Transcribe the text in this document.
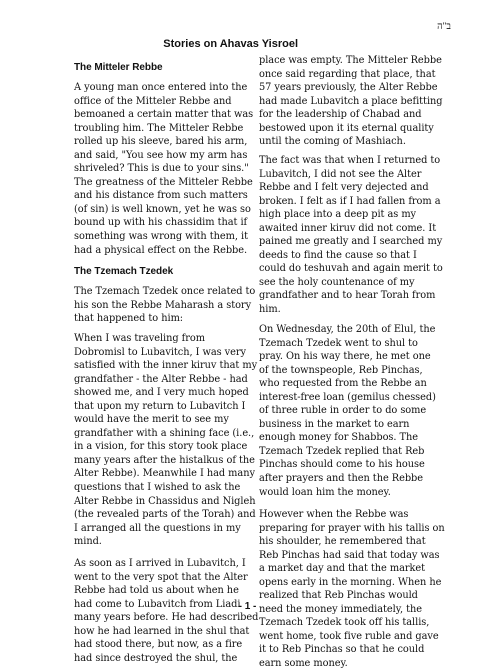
ב"ה
Stories on Ahavas Yisroel
The Mitteler Rebbe
A young man once entered into the
office of the Mitteler Rebbe and
bemoaned a certain matter that was
troubling him. The Mitteler Rebbe
rolled up his sleeve, bared his arm,
and said, "You see how my arm has
shriveled? This is due to your sins."
The greatness of the Mitteler Rebbe
and his distance from such matters
(of sin) is well known, yet he was so
bound up with his chassidim that if
something was wrong with them, it
had a physical effect on the Rebbe.
The Tzemach Tzedek
The Tzemach Tzedek once related to
his son the Rebbe Maharash a story
that happened to him:
When I was traveling from
Dobromisl to Lubavitch, I was very
satisfied with the inner kiruv that my
grandfather - the Alter Rebbe - had
showed me, and I very much hoped
that upon my return to Lubavitch I
would have the merit to see my
grandfather with a shining face (i.e.,
in a vision, for this story took place
many years after the histalkus of the
Alter Rebbe). Meanwhile I had many
questions that I wished to ask the
Alter Rebbe in Chassidus and Nigleh
(the revealed parts of the Torah) and
I arranged all the questions in my
mind.
As soon as I arrived in Lubavitch, I
went to the very spot that the Alter
Rebbe had told us about when he
had come to Lubavitch from Liadi
many years before. He had described
how he had learned in the shul that
had stood there, but now, as a fire
had since destroyed the shul, the
place was empty. The Mitteler Rebbe
once said regarding that place, that
57 years previously, the Alter Rebbe
had made Lubavitch a place befitting
for the leadership of Chabad and
bestowed upon it its eternal quality
until the coming of Mashiach.
The fact was that when I returned to
Lubavitch, I did not see the Alter
Rebbe and I felt very dejected and
broken. I felt as if I had fallen from a
high place into a deep pit as my
awaited inner kiruv did not come. It
pained me greatly and I searched my
deeds to find the cause so that I
could do teshuvah and again merit to
see the holy countenance of my
grandfather and to hear Torah from
him.
On Wednesday, the 20th of Elul, the
Tzemach Tzedek went to shul to
pray. On his way there, he met one
of the townspeople, Reb Pinchas,
who requested from the Rebbe an
interest-free loan (gemilus chessed)
of three ruble in order to do some
business in the market to earn
enough money for Shabbos. The
Tzemach Tzedek replied that Reb
Pinchas should come to his house
after prayers and then the Rebbe
would loan him the money.
However when the Rebbe was
preparing for prayer with his tallis on
his shoulder, he remembered that
Reb Pinchas had said that today was
a market day and that the market
opens early in the morning. When he
realized that Reb Pinchas would
need the money immediately, the
Tzemach Tzedek took off his tallis,
went home, took five ruble and gave
it to Reb Pinchas so that he could
earn some money.
- 1 -
